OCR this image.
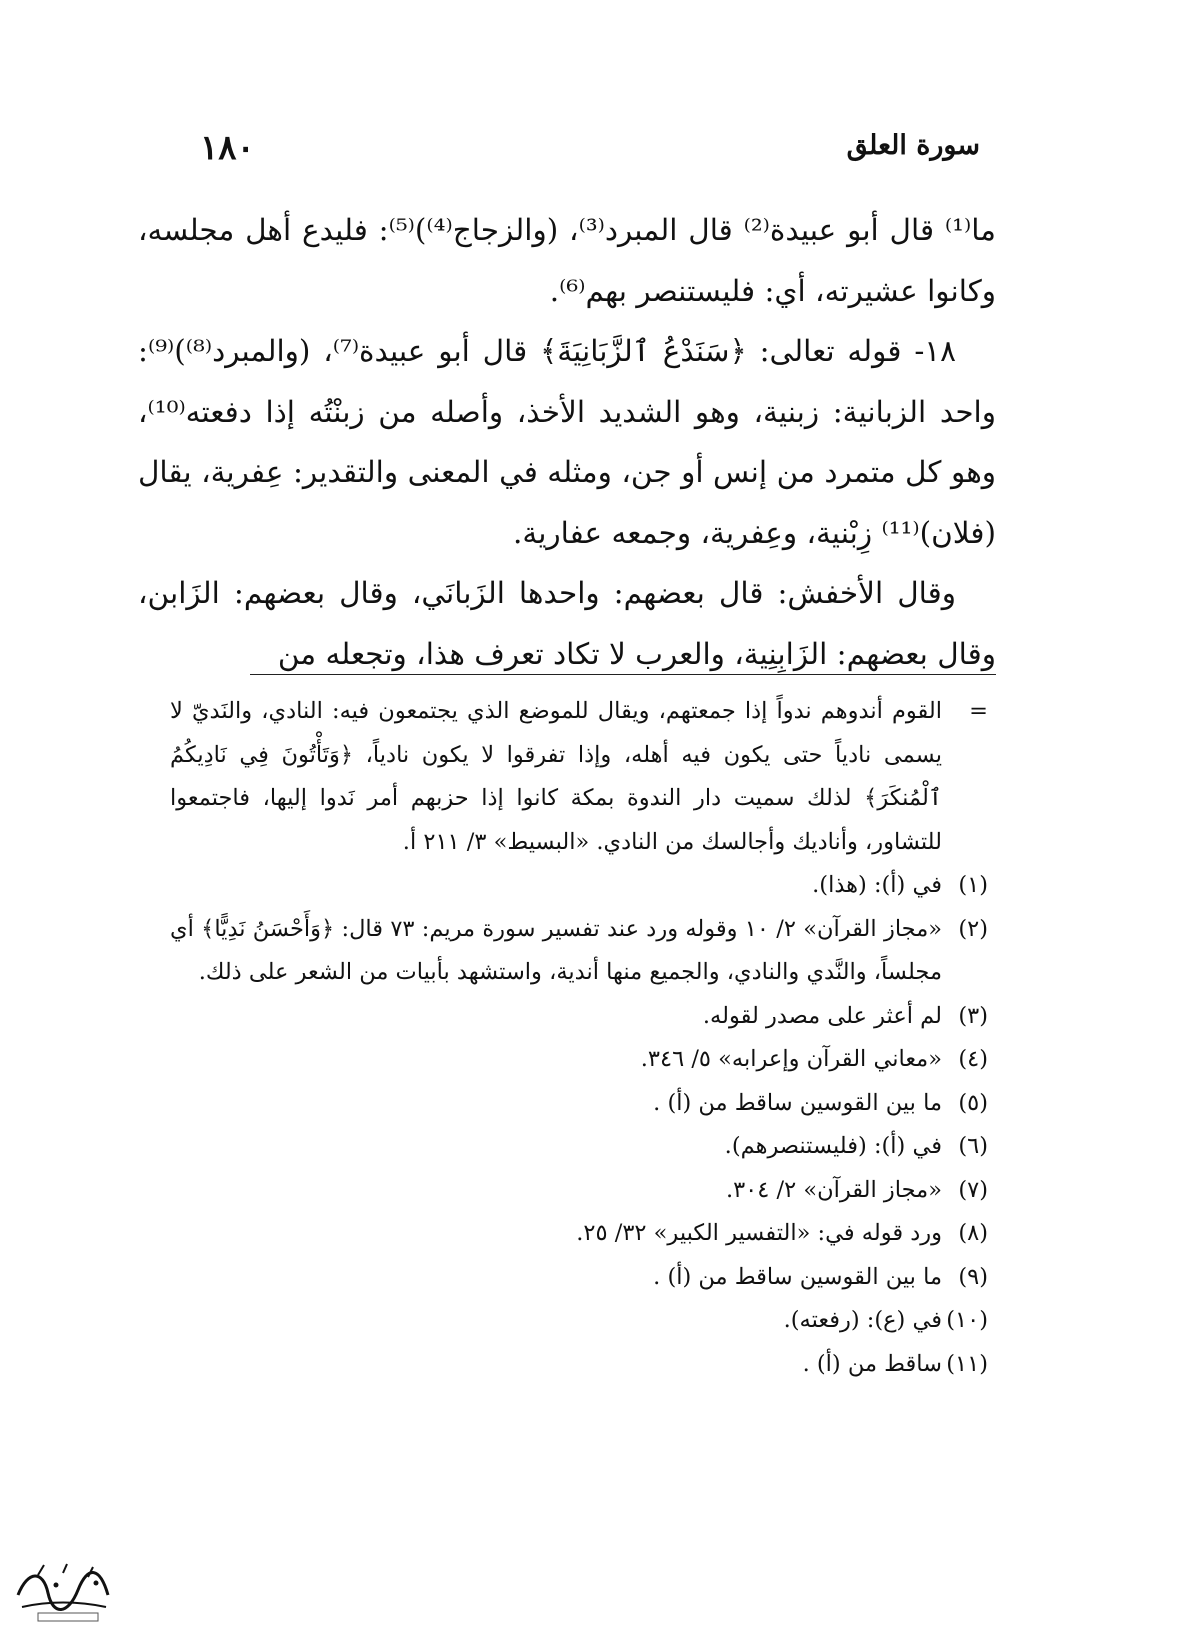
١٨٠	سورة العلق

ما⁽¹⁾ قال أبو عبيدة⁽²⁾ قال المبرد⁽³⁾، (والزجاج⁽⁴⁾)⁽⁵⁾: فليدع أهل مجلسه، وكانوا عشيرته، أي: فليستنصر بهم⁽⁶⁾.

١٨- قوله تعالى: ﴿سَنَدْعُ ٱلزَّبَانِيَةَ﴾ قال أبو عبيدة⁽⁷⁾، (والمبرد⁽⁸⁾)⁽⁹⁾: واحد الزبانية: زبنية، وهو الشديد الأخذ، وأصله من زبنْتُه إذا دفعته⁽¹⁰⁾، وهو كل متمرد من إنس أو جن، ومثله في المعنى والتقدير: عِفرية، يقال (فلان)⁽¹¹⁾ زِبْنية، وعِفرية، وجمعه عفارية.

وقال الأخفش: قال بعضهم: واحدها الزَبانَي، وقال بعضهم: الزَابن، وقال بعضهم: الزَابِنِية، والعرب لا تكاد تعرف هذا، وتجعله من

=
القوم أندوهم ندواً إذا جمعتهم، ويقال للموضع الذي يجتمعون فيه: النادي، والنَديّ لا يسمى نادياً حتى يكون فيه أهله، وإذا تفرقوا لا يكون نادياً، ﴿وَتَأْتُونَ فِي نَادِيكُمُ ٱلْمُنكَرَ﴾ لذلك سميت دار الندوة بمكة كانوا إذا حزبهم أمر نَدوا إليها، فاجتمعوا للتشاور، وأناديك وأجالسك من النادي. «البسيط» ٣/ ٢١١ أ.
(١)
في (أ): (هذا).
(٢)
«مجاز القرآن» ٢/ ١٠ وقوله ورد عند تفسير سورة مريم: ٧٣ قال: ﴿وَأَحْسَنُ نَدِيًّا﴾ أي مجلساً، والنَّدي والنادي، والجميع منها أندية، واستشهد بأبيات من الشعر على ذلك.
(٣)
لم أعثر على مصدر لقوله.
(٤)
«معاني القرآن وإعرابه» ٥/ ٣٤٦.
(٥)
ما بين القوسين ساقط من (أ) .
(٦)
في (أ): (فليستنصرهم).
(٧)
«مجاز القرآن» ٢/ ٣٠٤.
(٨)
ورد قوله في: «التفسير الكبير» ٣٢/ ٢٥.
(٩)
ما بين القوسين ساقط من (أ) .
(١٠)
في (ع): (رفعته).
(١١)
ساقط من (أ) .
